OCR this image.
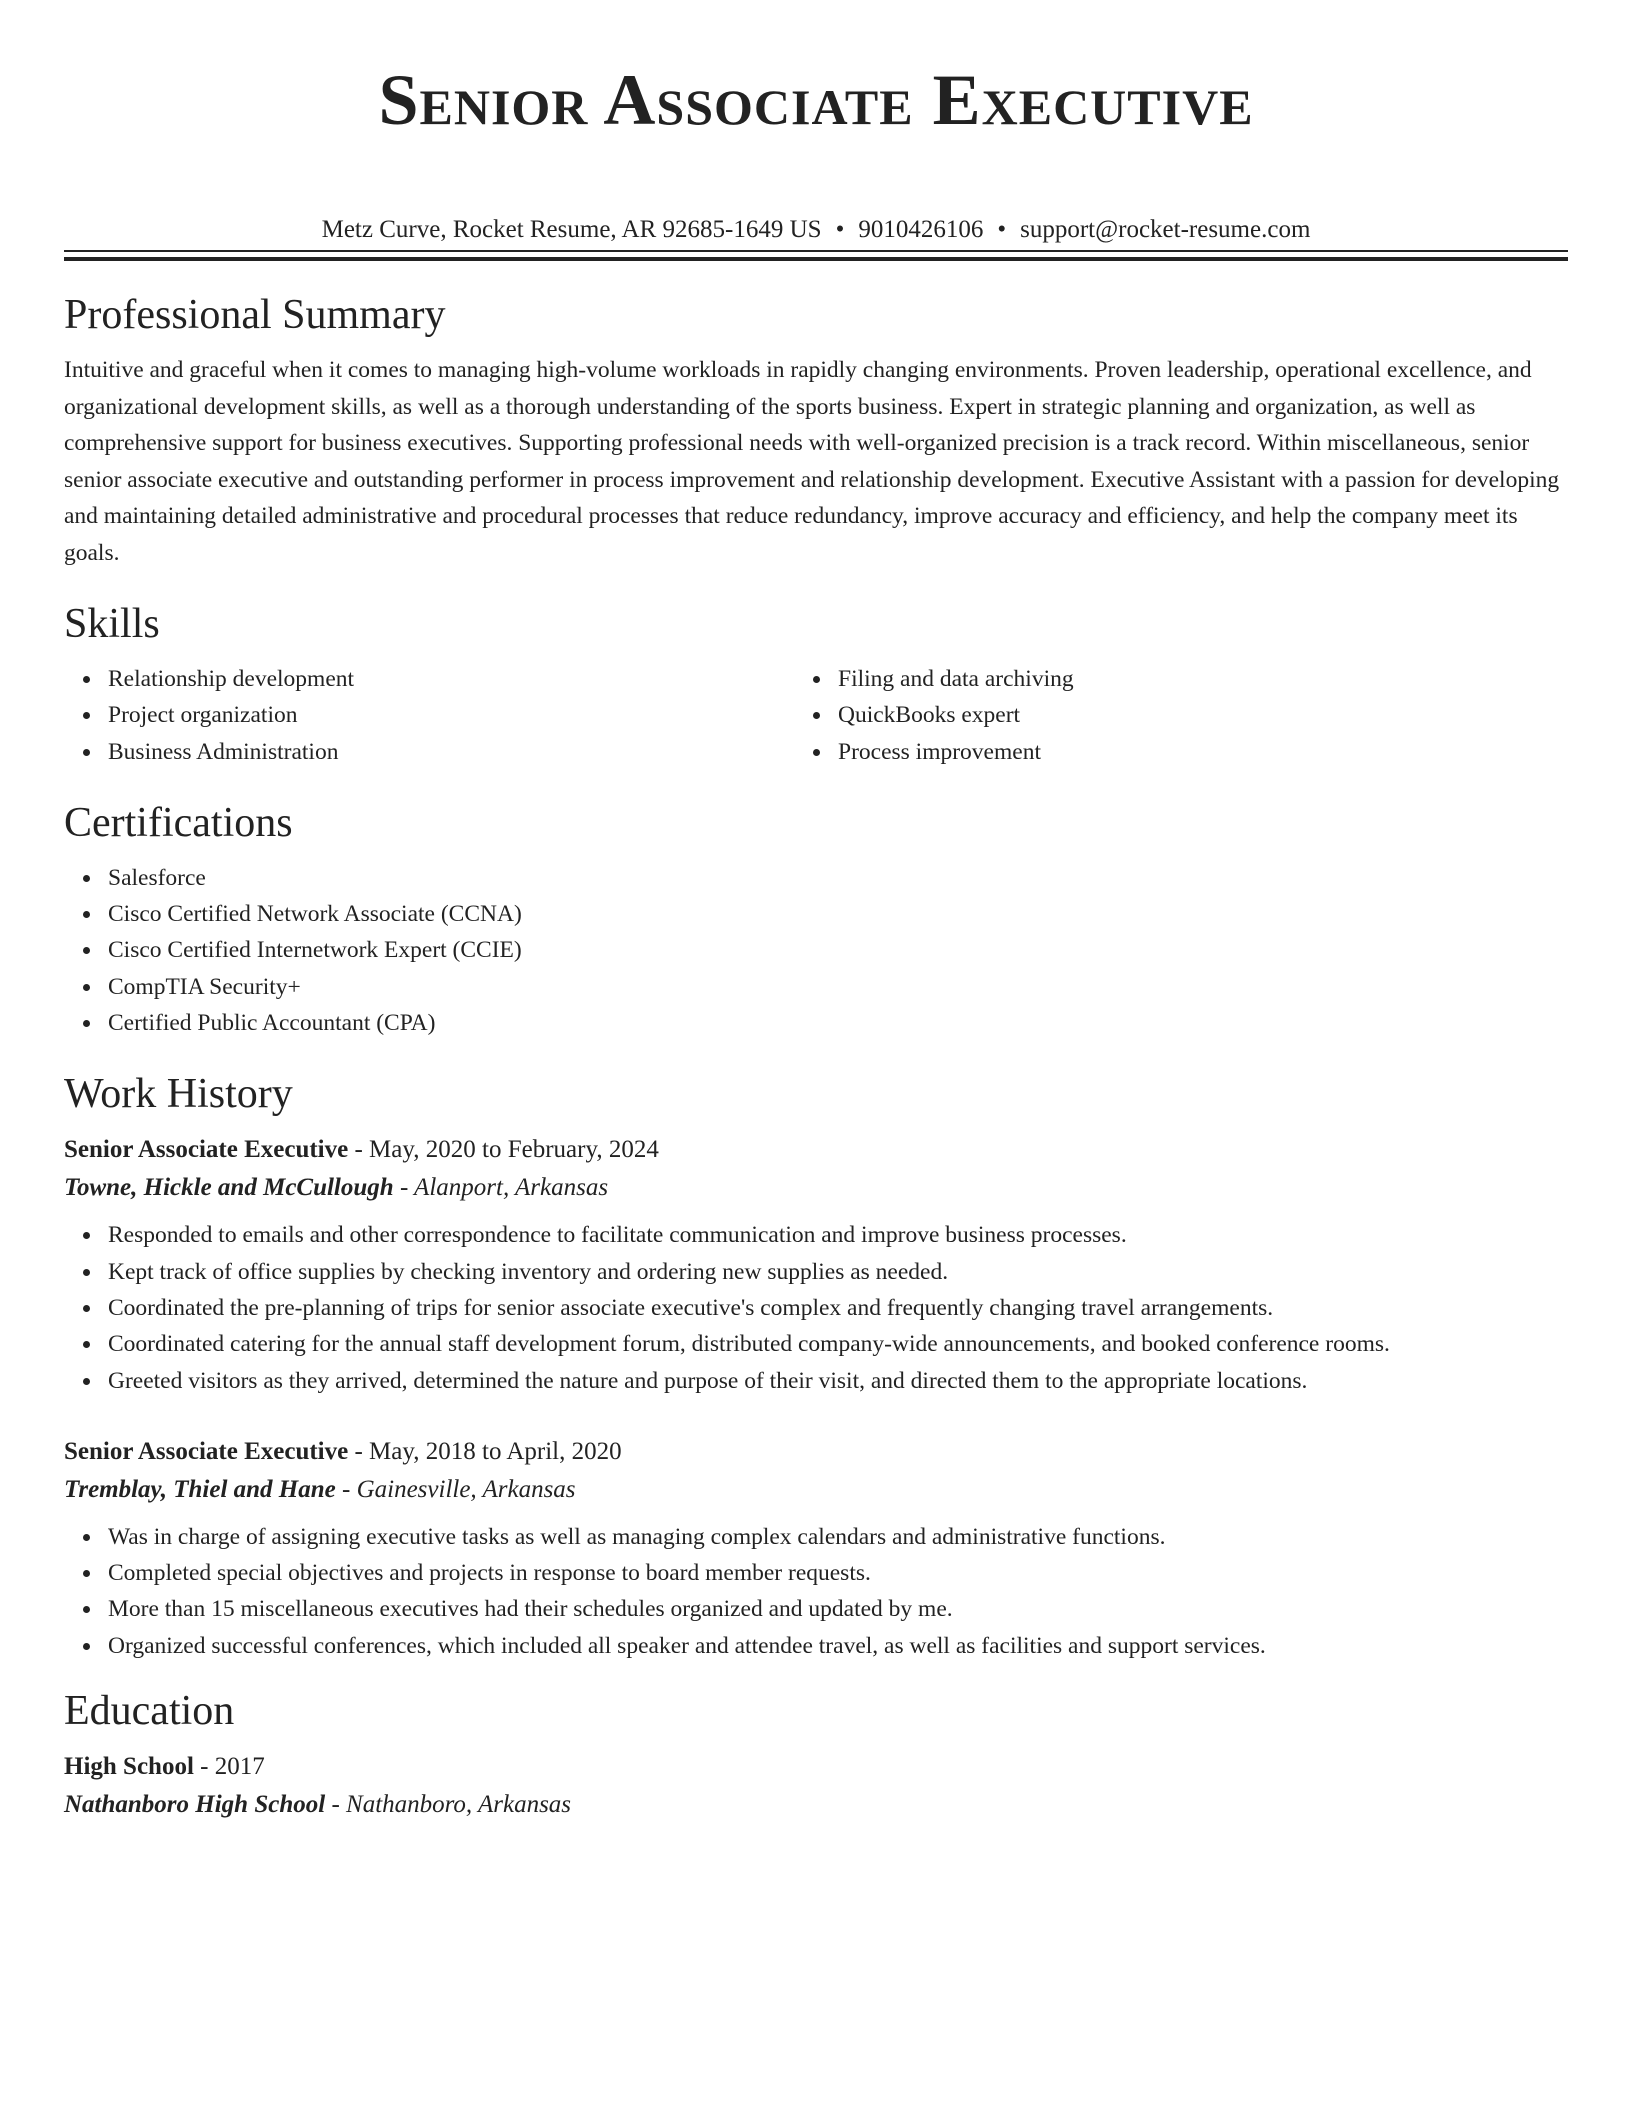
Senior Associate Executive
Metz Curve, Rocket Resume, AR 92685-1649 US • 9010426106 • support@rocket-resume.com
Professional Summary

Intuitive and graceful when it comes to managing high-volume workloads in rapidly changing environments. Proven leadership, operational excellence, and organizational development skills, as well as a thorough understanding of the sports business. Expert in strategic planning and organization, as well as comprehensive support for business executives. Supporting professional needs with well-organized precision is a track record. Within miscellaneous, senior senior associate executive and outstanding performer in process improvement and relationship development. Executive Assistant with a passion for developing and maintaining detailed administrative and procedural processes that reduce redundancy, improve accuracy and efficiency, and help the company meet its goals.

Skills
Relationship development
Project organization
Business Administration
Filing and data archiving
QuickBooks expert
Process improvement
Certifications
Salesforce
Cisco Certified Network Associate (CCNA)
Cisco Certified Internetwork Expert (CCIE)
CompTIA Security+
Certified Public Accountant (CPA)
Work History
Senior Associate Executive - May, 2020 to February, 2024
Towne, Hickle and McCullough - Alanport, Arkansas
Responded to emails and other correspondence to facilitate communication and improve business processes.
Kept track of office supplies by checking inventory and ordering new supplies as needed.
Coordinated the pre-planning of trips for senior associate executive's complex and frequently changing travel arrangements.
Coordinated catering for the annual staff development forum, distributed company-wide announcements, and booked conference rooms.
Greeted visitors as they arrived, determined the nature and purpose of their visit, and directed them to the appropriate locations.
Senior Associate Executive - May, 2018 to April, 2020
Tremblay, Thiel and Hane - Gainesville, Arkansas
Was in charge of assigning executive tasks as well as managing complex calendars and administrative functions.
Completed special objectives and projects in response to board member requests.
More than 15 miscellaneous executives had their schedules organized and updated by me.
Organized successful conferences, which included all speaker and attendee travel, as well as facilities and support services.
Education
High School - 2017
Nathanboro High School - Nathanboro, Arkansas
